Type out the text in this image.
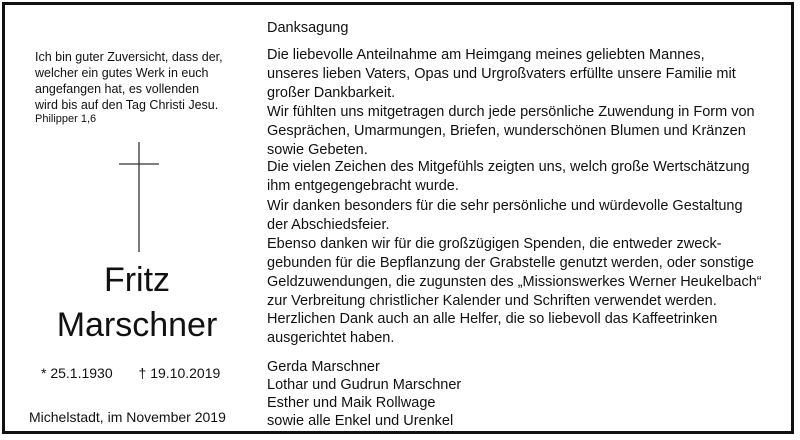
Ich bin guter Zuversicht, dass der,
welcher ein gutes Werk in euch
angefangen hat, es vollenden
wird bis auf den Tag Christi Jesu.
Philipper 1,6
Fritz
Marschner
* 25.1.1930 † 19.10.2019
Michelstadt, im November 2019
Danksagung
Die liebevolle Anteilnahme am Heimgang meines geliebten Mannes,
unseres lieben Vaters, Opas und Urgroßvaters erfüllte unsere Familie mit
großer Dankbarkeit.
Wir fühlten uns mitgetragen durch jede persönliche Zuwendung in Form von
Gesprächen, Umarmungen, Briefen, wunderschönen Blumen und Kränzen
sowie Gebeten.
Die vielen Zeichen des Mitgefühls zeigten uns, welch große Wertschätzung
ihm entgegengebracht wurde.
Wir danken besonders für die sehr persönliche und würdevolle Gestaltung
der Abschiedsfeier.
Ebenso danken wir für die großzügigen Spenden, die entweder zweck-
gebunden für die Bepflanzung der Grabstelle genutzt werden, oder sonstige
Geldzuwendungen, die zugunsten des „Missionswerkes Werner Heukelbach“
zur Verbreitung christlicher Kalender und Schriften verwendet werden.
Herzlichen Dank auch an alle Helfer, die so liebevoll das Kaffeetrinken
ausgerichtet haben.
Gerda Marschner
Lothar und Gudrun Marschner
Esther und Maik Rollwage
sowie alle Enkel und Urenkel
